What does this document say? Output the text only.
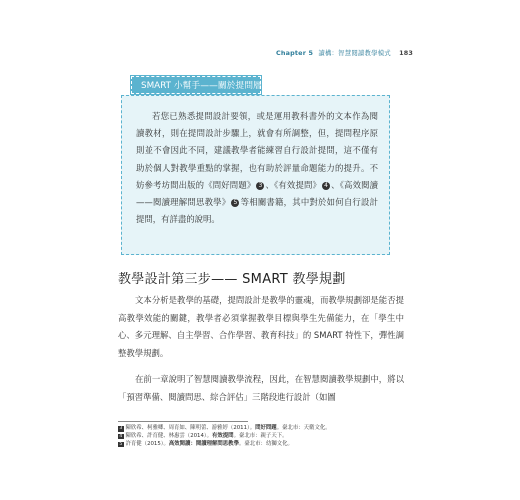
Chapter 5 讀構：智慧閱讀教學模式 183
SMART 小幫手——關於提問層次分佈
若您已熟悉提問設計要領，或是運用教科書外的文本作為閱讀教材，則在提問設計步驟上，就會有所調整，但，提問程序原則並不會因此不同，建議教學者能練習自行設計提問，這不僅有助於個人對教學重點的掌握，也有助於評量命題能力的提升。不妨參考坊間出版的《問好問題》 3 、《有效提問》 4 、《高效閱讀——閱讀理解問思教學》 5 等相關書籍，其中對於如何自行設計提問，有詳盡的說明。
教學設計第三步—— SMART 教學規劃
文本分析是教學的基礎，提問設計是教學的靈魂，而教學規劃卻是能否提高教學效能的關鍵，教學者必須掌握教學目標與學生先備能力，在「學生中心、多元理解、自主學習、合作學習、教育科技」的 SMART 特性下，彈性調整教學規劃。
在前一章說明了智慧閱讀教學流程，因此，在智慧閱讀教學規劃中，將以「預習準備、閱讀問思、綜合評估」三階段進行設計（如圖
3 陳欣希、柯雅卿、周育如、陳明蕾、游雅婷（2011）。問好問題。臺北市：天衛文化。
4 陳欣希、許育健、林惠雲（2014）。有效提問。臺北市：親子天下。
5 許育健（2015）。高效閱讀：閱讀理解問思教學。臺北市：幼獅文化。
